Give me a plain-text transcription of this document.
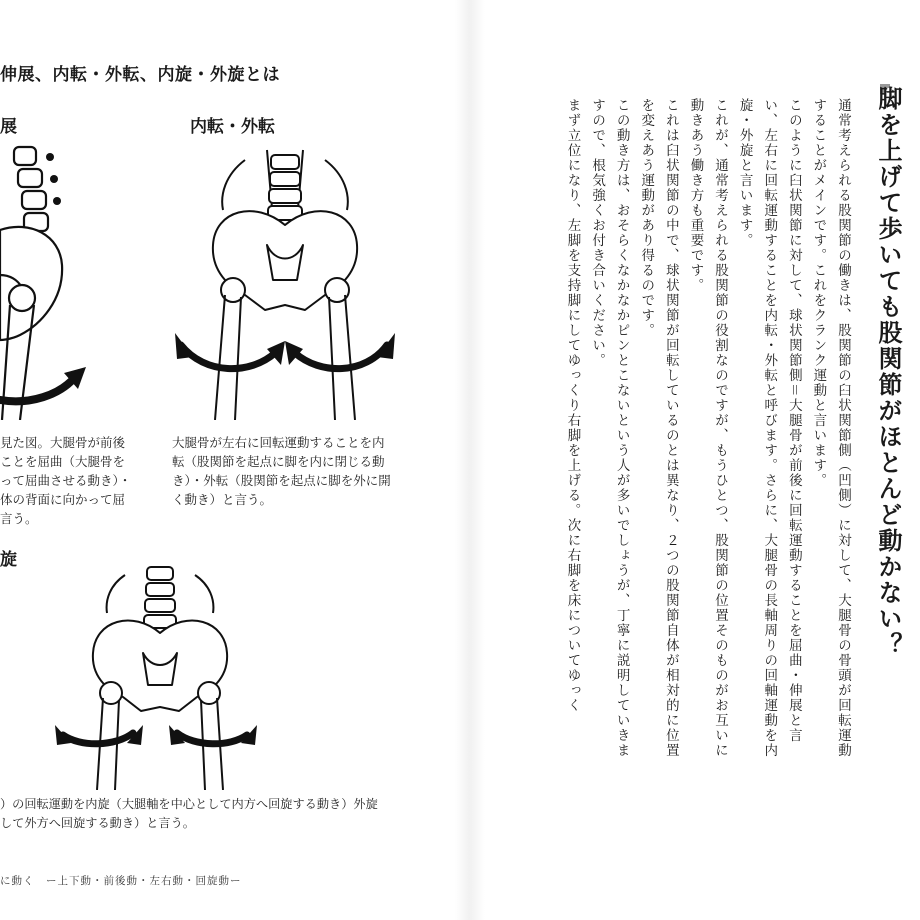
伸展、内転・外転、内旋・外旋とは
展	内転・外転
旋
見た図。大腿骨が前後
ことを屈曲（大腿骨を
って屈曲させる動き）・
体の背面に向かって屈
言う。
大腿骨が左右に回転運動することを内
転（股関節を起点に脚を内に閉じる動
き）・外転（股関節を起点に脚を外に開
く動き）と言う。
）の回転運動を内旋（大腿軸を中心として内方へ回旋する動き）外旋
して外方へ回旋する動き）と言う。
に動く　ー上下動・前後動・左右動・回旋動ー
脚を上げて歩いても股関節がほとんど動かない？
通常考えられる股関節の働きは、股関節の臼状関節側（凹側）に対して、大腿骨の骨頭が回転運動することがメインです。これをクランク運動と言います。
このように臼状関節に対して、球状関節側＝大腿骨が前後に回転運動することを屈曲・伸展と言い、左右に回転運動することを内転・外転と呼びます。さらに、大腿骨の長軸周りの回軸運動を内旋・外旋と言います。
これが、通常考えられる股関節の役割なのですが、もうひとつ、股関節の位置そのものがお互いに動きあう働き方も重要です。
これは臼状関節の中で、球状関節が回転しているのとは異なり、２つの股関節自体が相対的に位置を変えあう運動があり得るのです。
この動き方は、おそらくなかなかピンとこないという人が多いでしょうが、丁寧に説明していきますので、根気強くお付き合いください。
まず立位になり、左脚を支持脚にしてゆっくり右脚を上げる。次に右脚を床についてゆっく
